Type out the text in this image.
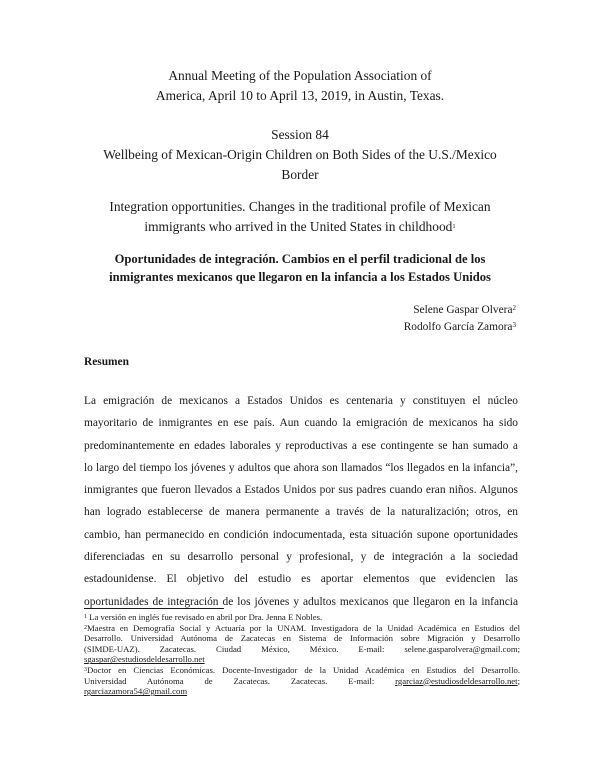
Annual Meeting of the Population Association of
America, April 10 to April 13, 2019, in Austin, Texas.
Session 84
Wellbeing of Mexican-Origin Children on Both Sides of the U.S./Mexico
Border
Integration opportunities. Changes in the traditional profile of Mexican
immigrants who arrived in the United States in childhood$^1$
Oportunidades de integración. Cambios en el perfil tradicional de los
inmigrantes mexicanos que llegaron en la infancia a los Estados Unidos
Selene Gaspar Olvera$^2$
Rodolfo García Zamora$^3$
Resumen
La emigración de mexicanos a Estados Unidos es centenaria y constituyen el núcleo
mayoritario de inmigrantes en ese país. Aun cuando la emigración de mexicanos ha sido
predominantemente en edades laborales y reproductivas a ese contingente se han sumado a
lo largo del tiempo los jóvenes y adultos que ahora son llamados “los llegados en la infancia”,
inmigrantes que fueron llevados a Estados Unidos por sus padres cuando eran niños. Algunos
han logrado establecerse de manera permanente a través de la naturalización; otros, en
cambio, han permanecido en condición indocumentada, esta situación supone oportunidades
diferenciadas en su desarrollo personal y profesional, y de integración a la sociedad
estadounidense. El objetivo del estudio es aportar elementos que evidencien las
oportunidades de integración de los jóvenes y adultos mexicanos que llegaron en la infancia
$^1$ La versión en inglés fue revisado en abril por Dra. Jenna E Nobles.
$^2$Maestra en Demografía Social y Actuaría por la UNAM. Investigadora de la Unidad Académica en Estudios del
Desarrollo. Universidad Autónoma de Zacatecas en Sistema de Información sobre Migración y Desarrollo
(SIMDE-UAZ). Zacatecas. Ciudad México, México. E-mail: selene.gasparolvera@gmail.com;
sgaspar@estudiosdeldesarrollo.net
$^3$Doctor en Ciencias Económicas. Docente-Investigador de la Unidad Académica en Estudios del Desarrollo.
Universidad Autónoma de Zacatecas. Zacatecas. E-mail: rgarciaz@estudiosdeldesarrollo.net;
rgarciazamora54@gmail.com
